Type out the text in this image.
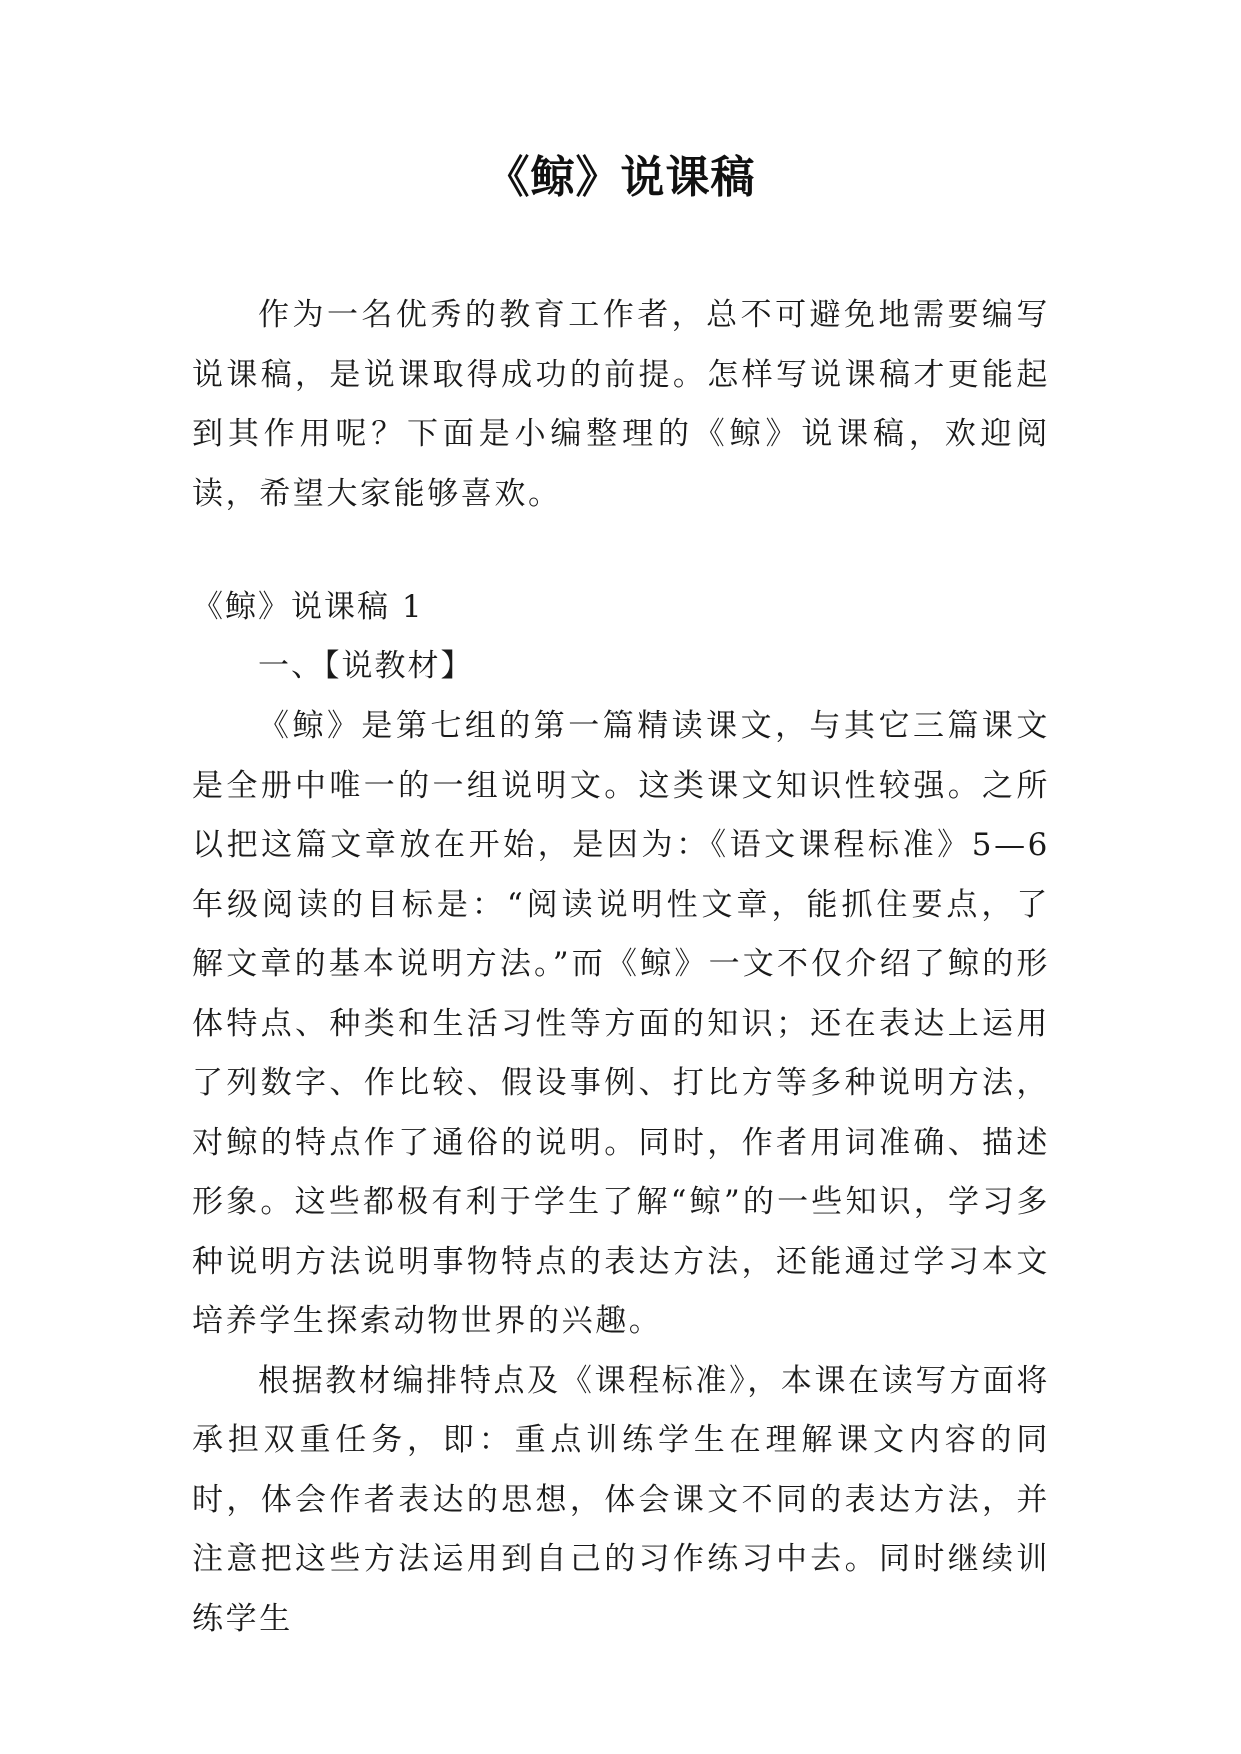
《鲸》说课稿

作为一名优秀的教育工作者，总不可避免地需要编写说课稿，是说课取得成功的前提。怎样写说课稿才更能起到其作用呢？下面是小编整理的《鲸》说课稿，欢迎阅读，希望大家能够喜欢。

《鲸》说课稿 1
一、【说教材】

《鲸》是第七组的第一篇精读课文，与其它三篇课文是全册中唯一的一组说明文。这类课文知识性较强。之所以把这篇文章放在开始，是因为：《语文课程标准》5—6 年级阅读的目标是：“阅读说明性文章，能抓住要点，了解文章的基本说明方法。”而《鲸》一文不仅介绍了鲸的形体特点、种类和生活习性等方面的知识；还在表达上运用了列数字、作比较、假设事例、打比方等多种说明方法，对鲸的特点作了通俗的说明。同时，作者用词准确、描述形象。这些都极有利于学生了解“鲸”的一些知识，学习多种说明方法说明事物特点的表达方法，还能通过学习本文培养学生探索动物世界的兴趣。

根据教材编排特点及《课程标准》，本课在读写方面将承担双重任务，即：重点训练学生在理解课文内容的同时，体会作者表达的思想，体会课文不同的表达方法，并注意把这些方法运用到自己的习作练习中去。同时继续训练学生
